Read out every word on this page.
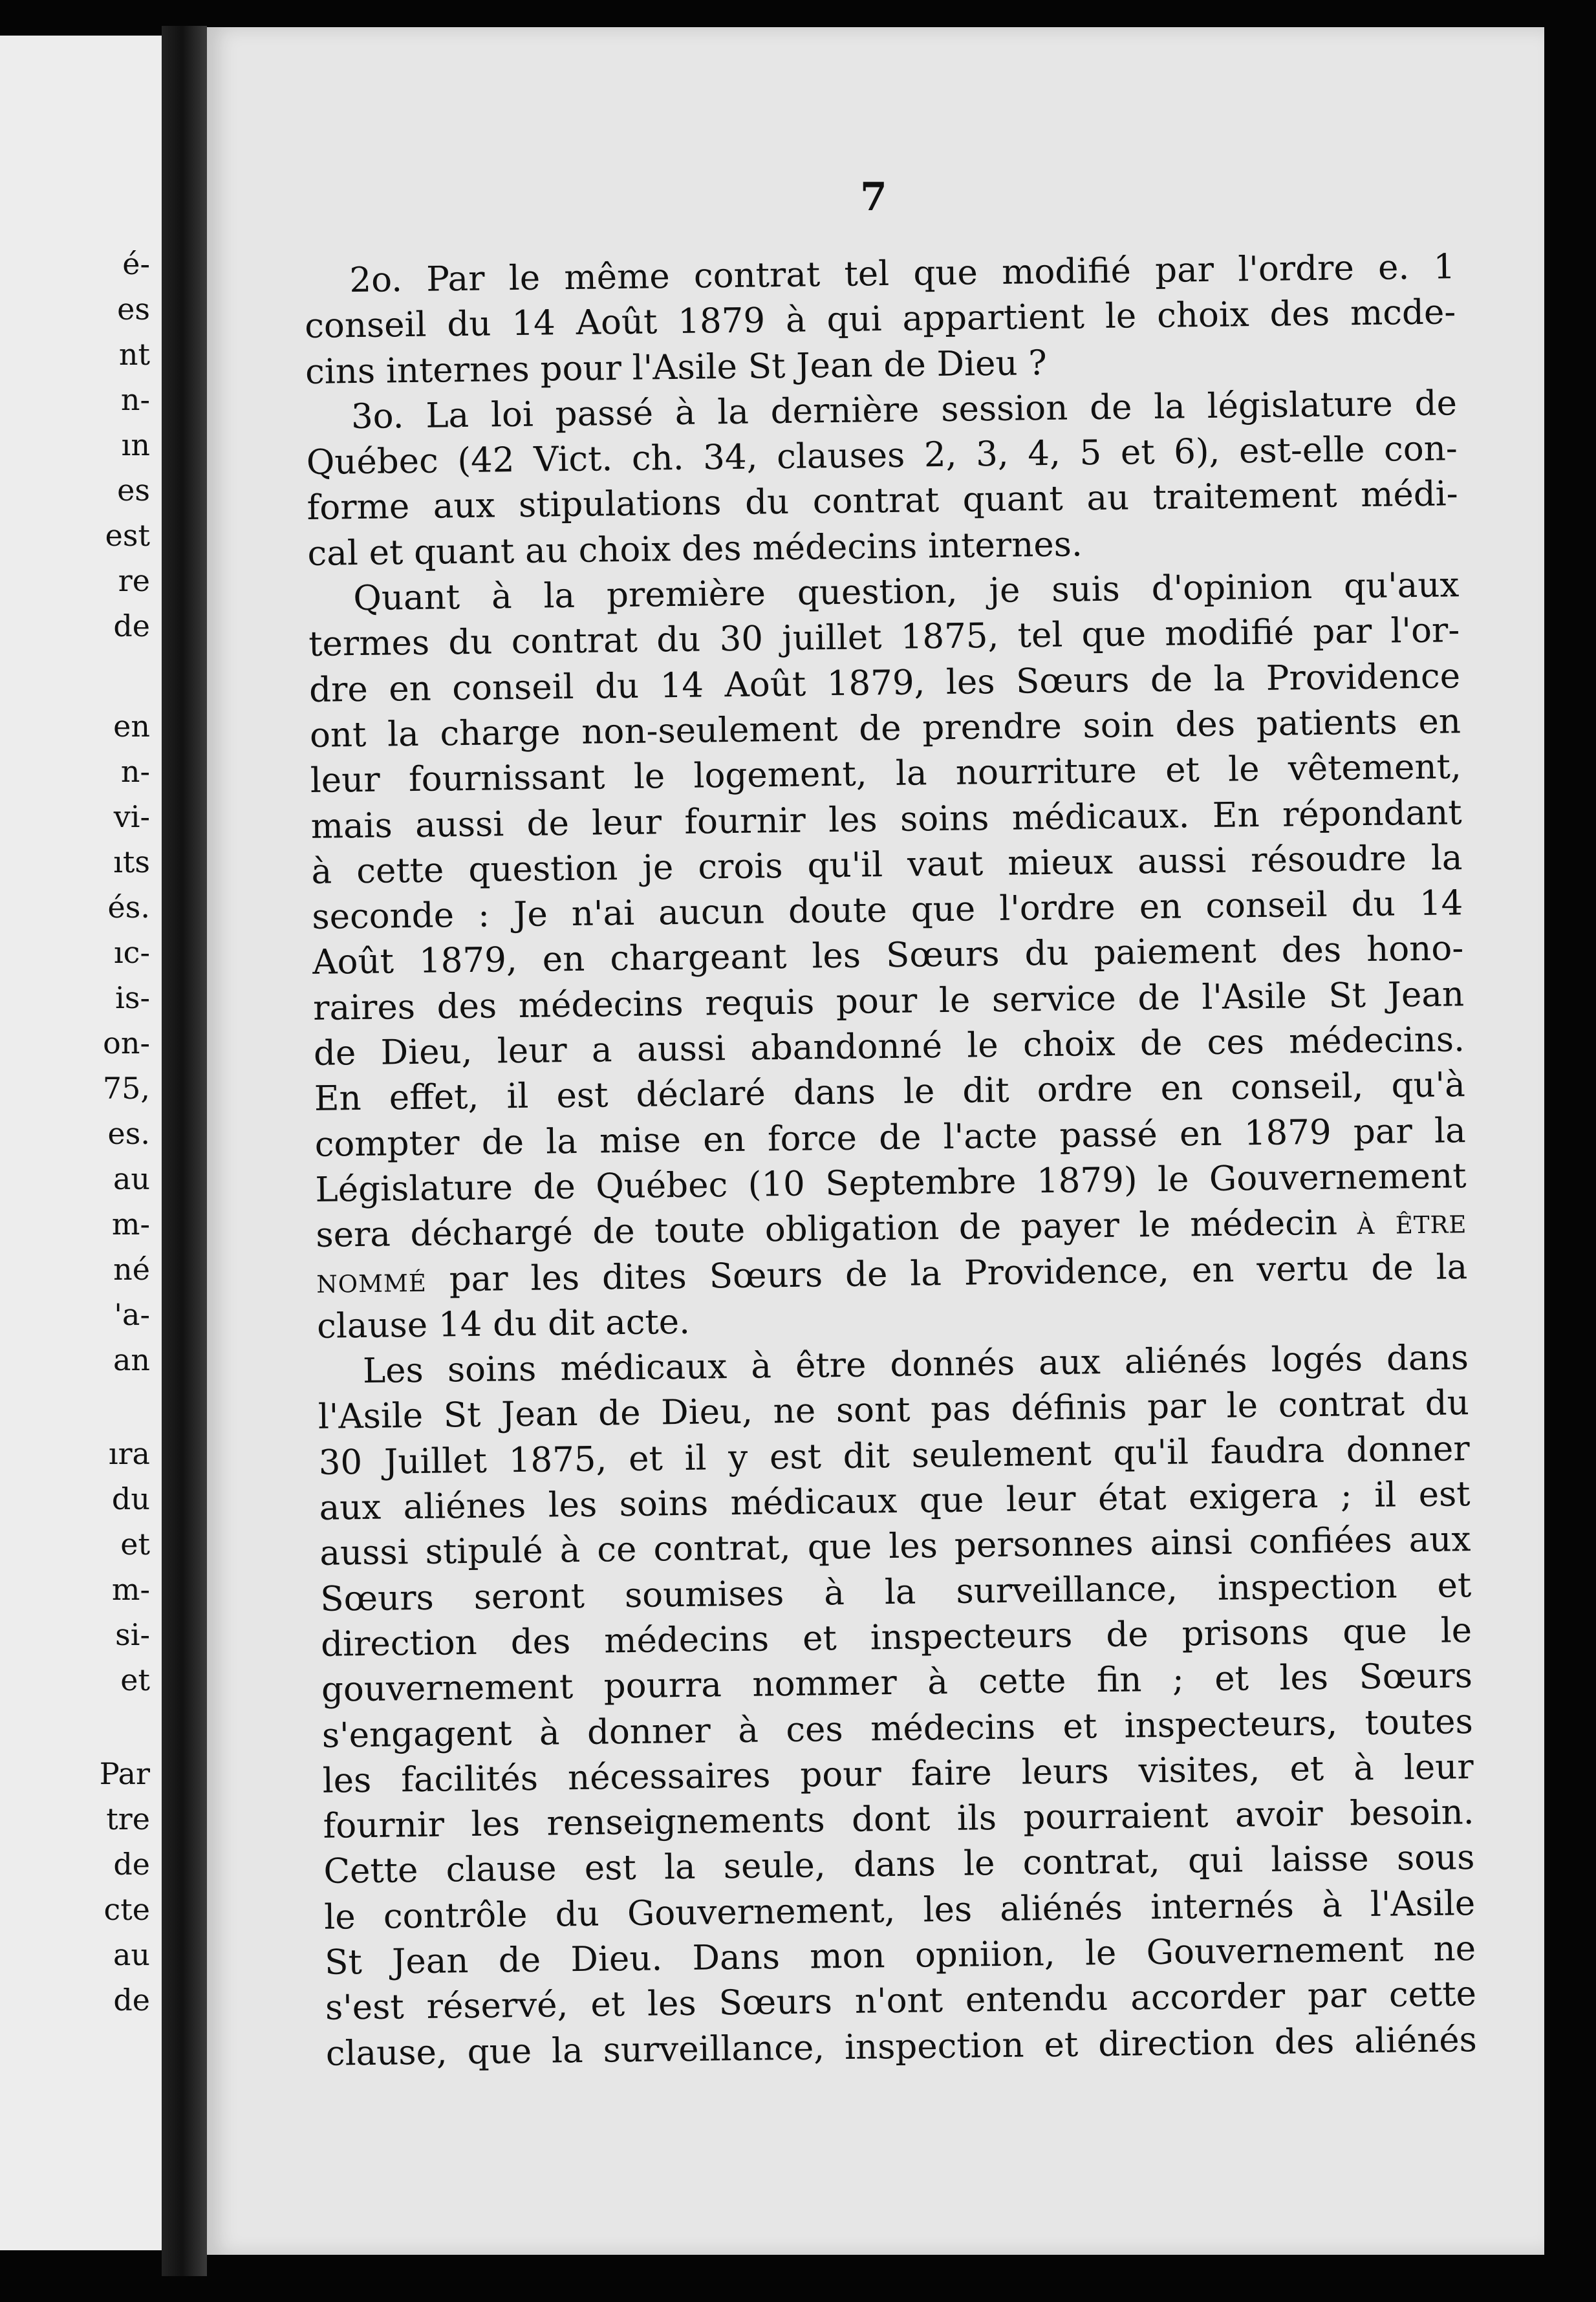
é-
es
nt
n-
ın
es
est
re
de
en
n-
vi-
ıts
és.
ıc-
is-
on-
75,
es.
au
m-
né
'a-
an
ıra
du
et
m-
si-
et
Par
tre
de
cte
au
de
7
2o. Par le même contrat tel que modifié par l'ordre e. 1
conseil du 14 Août 1879 à qui appartient le choix des mcde-
cins internes pour l'Asile St Jean de Dieu ?
3o. La loi passé à la dernière session de la législature de
Québec (42 Vict. ch. 34, clauses 2, 3, 4, 5 et 6), est-elle con-
forme aux stipulations du contrat quant au traitement médi-
cal et quant au choix des médecins internes.
Quant à la première question, je suis d'opinion qu'aux
termes du contrat du 30 juillet 1875, tel que modifié par l'or-
dre en conseil du 14 Août 1879, les Sœurs de la Providence
ont la charge non-seulement de prendre soin des patients en
leur fournissant le logement, la nourriture et le vêtement,
mais aussi de leur fournir les soins médicaux. En répondant
à cette question je crois qu'il vaut mieux aussi résoudre la
seconde : Je n'ai aucun doute que l'ordre en conseil du 14
Août 1879, en chargeant les Sœurs du paiement des hono-
raires des médecins requis pour le service de l'Asile St Jean
de Dieu, leur a aussi abandonné le choix de ces médecins.
En effet, il est déclaré dans le dit ordre en conseil, qu'à
compter de la mise en force de l'acte passé en 1879 par la
Législature de Québec (10 Septembre 1879) le Gouvernement
sera déchargé de toute obligation de payer le médecin à être
nommé par les dites Sœurs de la Providence, en vertu de la
clause 14 du dit acte.
Les soins médicaux à être donnés aux aliénés logés dans
l'Asile St Jean de Dieu, ne sont pas définis par le contrat du
30 Juillet 1875, et il y est dit seulement qu'il faudra donner
aux aliénes les soins médicaux que leur état exigera ; il est
aussi stipulé à ce contrat, que les personnes ainsi confiées aux
Sœurs seront soumises à la surveillance, inspection et
direction des médecins et inspecteurs de prisons que le
gouvernement pourra nommer à cette fin ; et les Sœurs
s'engagent à donner à ces médecins et inspecteurs, toutes
les facilités nécessaires pour faire leurs visites, et à leur
fournir les renseignements dont ils pourraient avoir besoin.
Cette clause est la seule, dans le contrat, qui laisse sous
le contrôle du Gouvernement, les aliénés internés à l'Asile
St Jean de Dieu. Dans mon opniion, le Gouvernement ne
s'est réservé, et les Sœurs n'ont entendu accorder par cette
clause, que la surveillance, inspection et direction des aliénés
